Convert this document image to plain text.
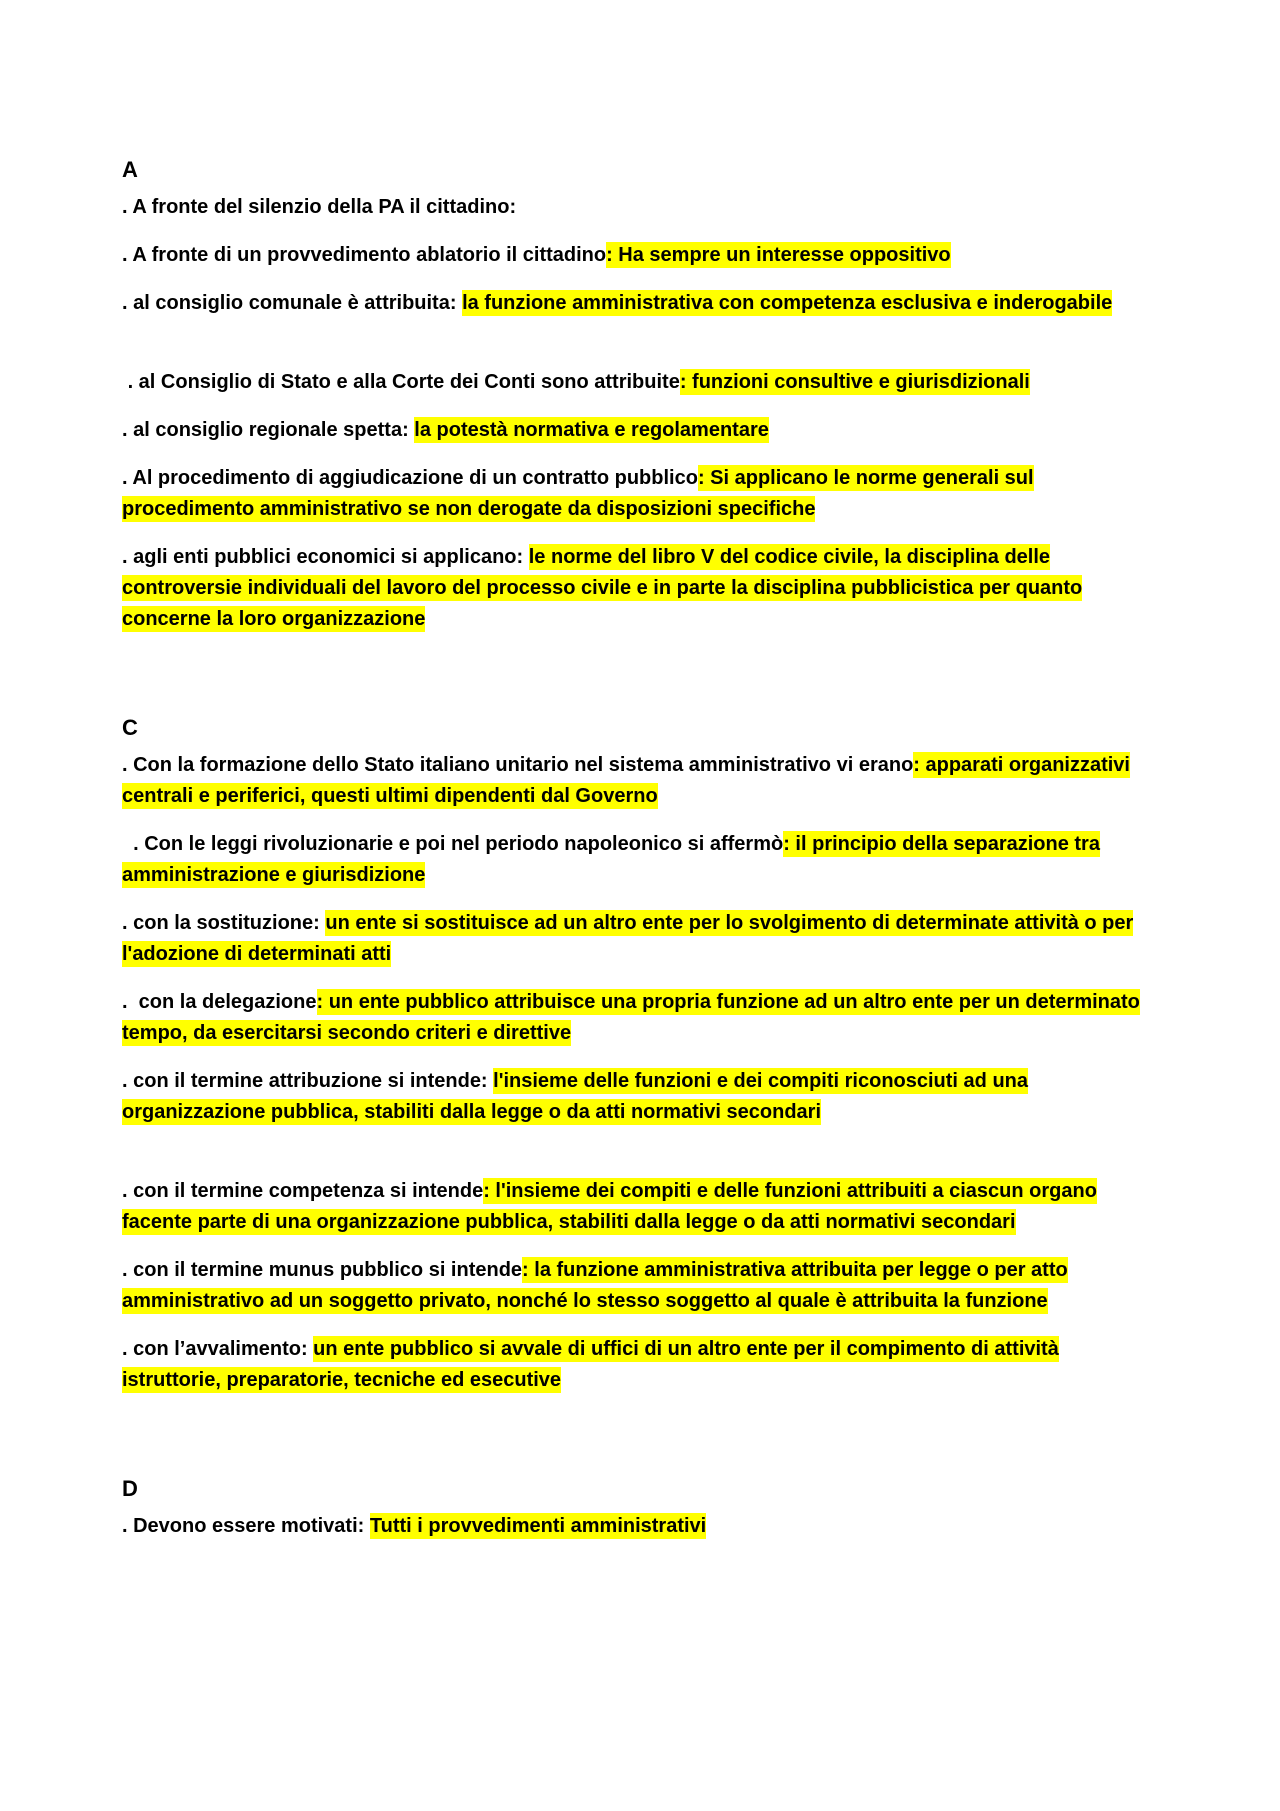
A
. A fronte del silenzio della PA il cittadino:
. A fronte di un provvedimento ablatorio il cittadino: Ha sempre un interesse oppositivo
. al consiglio comunale è attribuita: la funzione amministrativa con competenza esclusiva e inderogabile
. al Consiglio di Stato e alla Corte dei Conti sono attribuite: funzioni consultive e giurisdizionali
. al consiglio regionale spetta: la potestà normativa e regolamentare
. Al procedimento di aggiudicazione di un contratto pubblico: Si applicano le norme generali sul procedimento amministrativo se non derogate da disposizioni specifiche
. agli enti pubblici economici si applicano: le norme del libro V del codice civile, la disciplina delle controversie individuali del lavoro del processo civile e in parte la disciplina pubblicistica per quanto concerne la loro organizzazione
C
. Con la formazione dello Stato italiano unitario nel sistema amministrativo vi erano: apparati organizzativi centrali e periferici, questi ultimi dipendenti dal Governo
. Con le leggi rivoluzionarie e poi nel periodo napoleonico si affermò: il principio della separazione tra amministrazione e giurisdizione
. con la sostituzione: un ente si sostituisce ad un altro ente per lo svolgimento di determinate attività o per l'adozione di determinati atti
.  con la delegazione: un ente pubblico attribuisce una propria funzione ad un altro ente per un determinato tempo, da esercitarsi secondo criteri e direttive
. con il termine attribuzione si intende: l'insieme delle funzioni e dei compiti riconosciuti ad una organizzazione pubblica, stabiliti dalla legge o da atti normativi secondari
. con il termine competenza si intende: l'insieme dei compiti e delle funzioni attribuiti a ciascun organo facente parte di una organizzazione pubblica, stabiliti dalla legge o da atti normativi secondari
. con il termine munus pubblico si intende: la funzione amministrativa attribuita per legge o per atto amministrativo ad un soggetto privato, nonché lo stesso soggetto al quale è attribuita la funzione
. con l’avvalimento: un ente pubblico si avvale di uffici di un altro ente per il compimento di attività istruttorie, preparatorie, tecniche ed esecutive
D
. Devono essere motivati: Tutti i provvedimenti amministrativi
